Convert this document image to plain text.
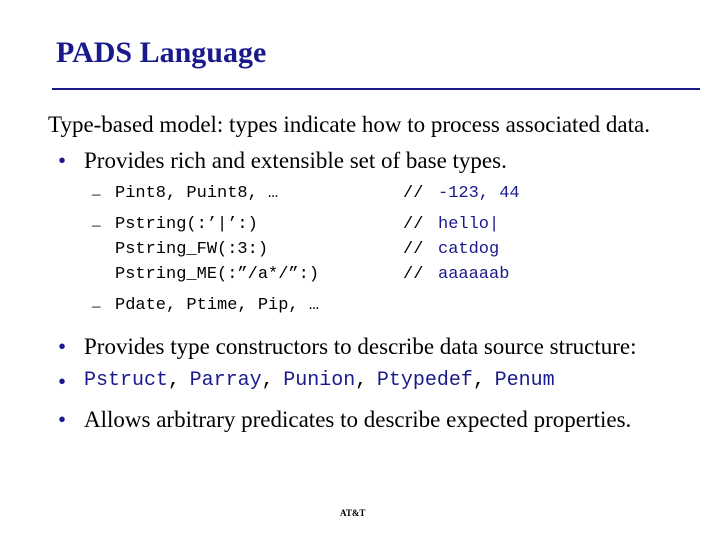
PADS Language
Type-based model: types indicate how to process associated data.
• Provides rich and extensible set of base types.
– Pint8, Puint8, …	// -123, 44
– Pstring(:’|’:)	// hello|
Pstring_FW(:3:)	// catdog
Pstring_ME(:”/a*/”:)	// aaaaaab
– Pdate, Ptime, Pip, …
• Provides type constructors to describe data source structure:
• Pstruct, Parray, Punion, Ptypedef, Penum
• Allows arbitrary predicates to describe expected properties.
AT&T
